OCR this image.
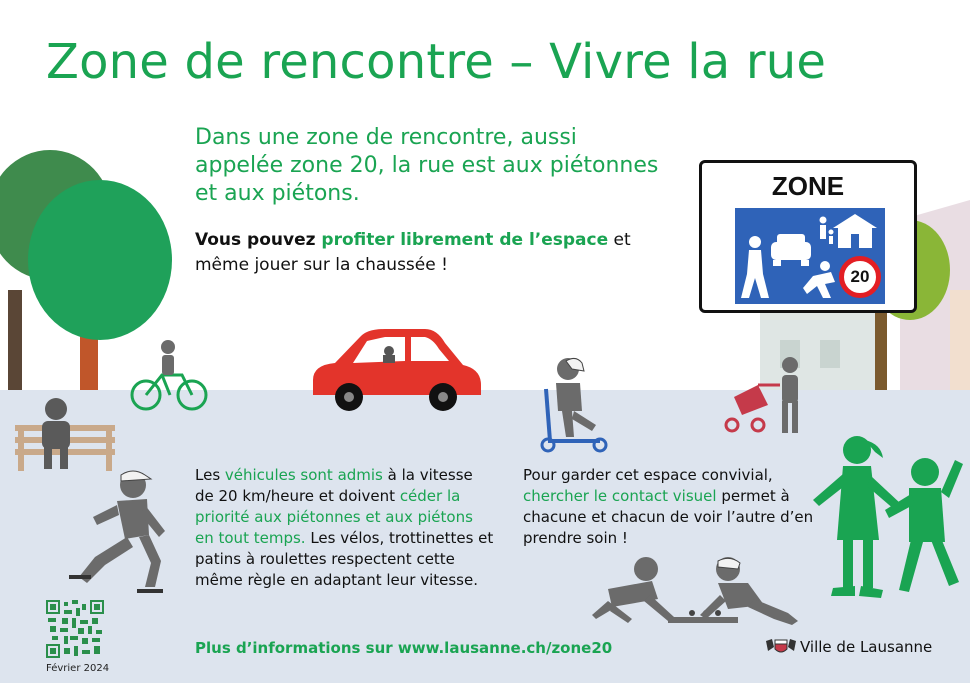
Zone de rencontre – Vivre la rue
Dans une zone de rencontre, aussi appelée zone 20, la rue est aux piétonnes et aux piétons.
Vous pouvez profiter librement de l’espace et même jouer sur la chaussée !
ZONE
20
Les véhicules sont admis à la vitesse de 20 km/heure et doivent céder la priorité aux piétonnes et aux piétons en tout temps. Les vélos, trottinettes et patins à roulettes respectent cette même règle en adaptant leur vitesse.
Pour garder cet espace convivial, chercher le contact visuel permet à chacune et chacun de voir l’autre d’en prendre soin !
Février 2024
Plus d’informations sur www.lausanne.ch/zone20	Ville de Lausanne
